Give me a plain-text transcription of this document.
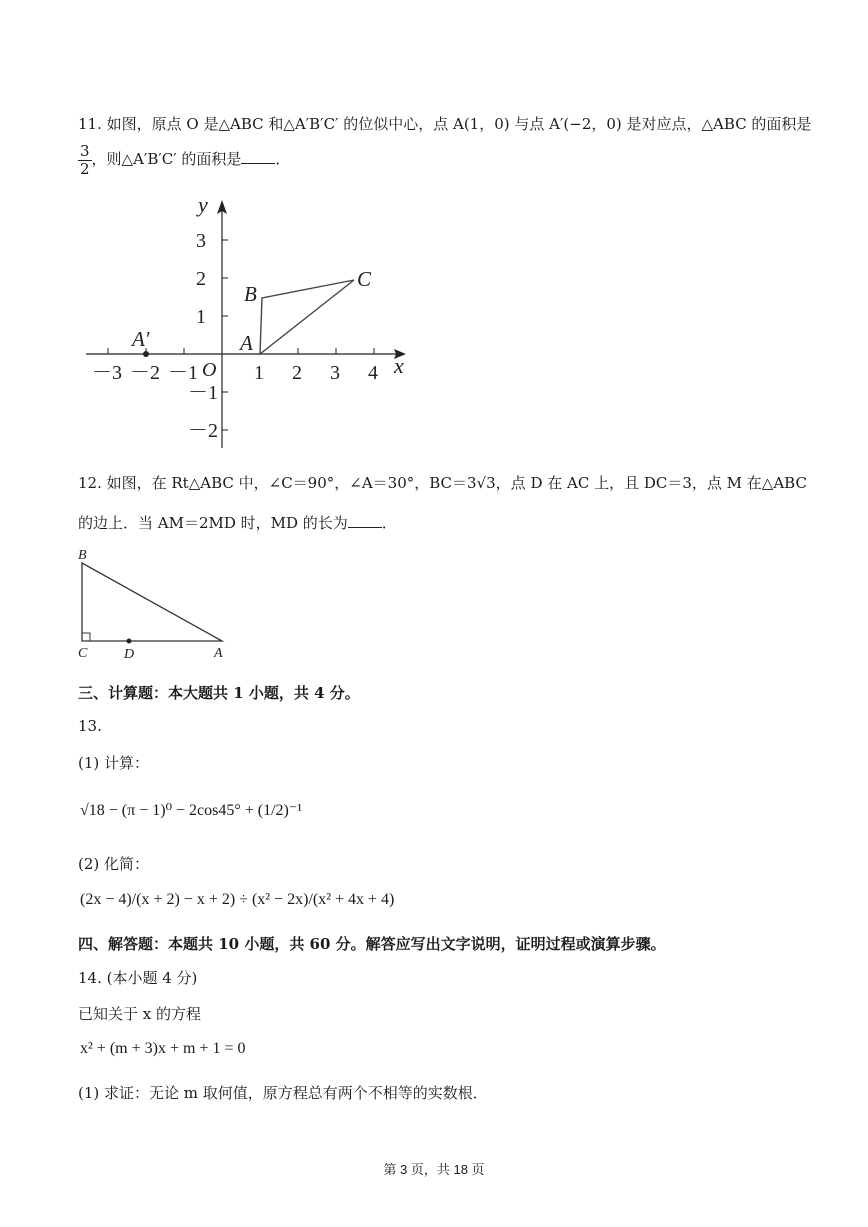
11. 如图，原点 O 是△ABC 和△A′B′C′ 的位似中心，点 A(1，0) 与点 A′(−2，0) 是对应点，△ABC 的面积是
$\frac{3}{2}$ ，则△A′B′C′ 的面积是 ．
y
x
O
－3 －2 －1	1 2 3 4
3
2
1
－1
－2
B
C
A
A′
12. 如图，在 Rt△ABC 中，∠C＝90°，∠A＝30°，BC＝3√3，点 D 在 AC 上，且 DC＝3，点 M 在△ABC
的边上．当 AM＝2MD 时，MD 的长为 ．
B
C	D	A
三、计算题：本大题共 1 小题，共 4 分。
13.
(1) 计算：
√18 − (π − 1)⁰ − 2cos45° + (1/2)⁻¹
(2) 化简：
(2x − 4)/(x + 2) − x + 2) ÷ (x² − 2x)/(x² + 4x + 4)
四、解答题：本题共 10 小题，共 60 分。解答应写出文字说明，证明过程或演算步骤。
14. (本小题 4 分)
已知关于 x 的方程
x² + (m + 3)x + m + 1 = 0
(1) 求证：无论 m 取何值，原方程总有两个不相等的实数根．
第 3 页，共 18 页
